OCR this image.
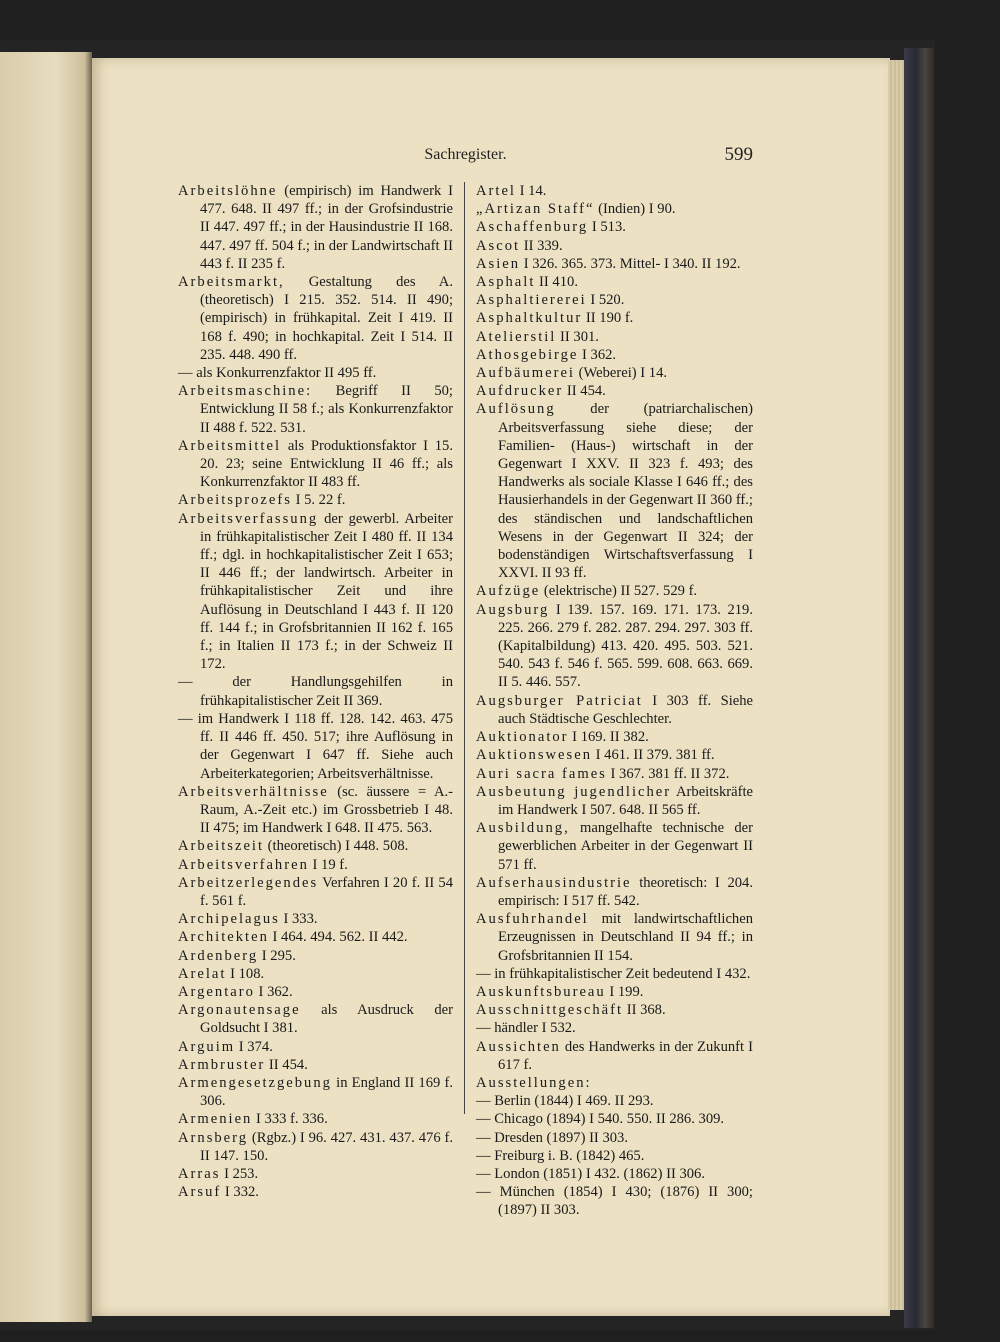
Sachregister.	599

Arbeitslöhne (empirisch) im Handwerk I 477. 648. II 497 ff.; in der Grofsindustrie II 447. 497 ff.; in der Hausindustrie II 168. 447. 497 ff. 504 f.; in der Landwirtschaft II 443 f. II 235 f.

Arbeitsmarkt, Gestaltung des A. (theoretisch) I 215. 352. 514. II 490; (empirisch) in frühkapital. Zeit I 419. II 168 f. 490; in hochkapital. Zeit I 514. II 235. 448. 490 ff.

— als Konkurrenzfaktor II 495 ff.

Arbeitsmaschine: Begriff II 50; Entwicklung II 58 f.; als Konkurrenzfaktor II 488 f. 522. 531.

Arbeitsmittel als Produktionsfaktor I 15. 20. 23; seine Entwicklung II 46 ff.; als Konkurrenzfaktor II 483 ff.

Arbeitsprozefs I 5. 22 f.

Arbeitsverfassung der gewerbl. Arbeiter in frühkapitalistischer Zeit I 480 ff. II 134 ff.; dgl. in hochkapitalistischer Zeit I 653; II 446 ff.; der landwirtsch. Arbeiter in frühkapitalistischer Zeit und ihre Auflösung in Deutschland I 443 f. II 120 ff. 144 f.; in Grofsbritannien II 162 f. 165 f.; in Italien II 173 f.; in der Schweiz II 172.

— der Handlungsgehilfen in frühkapitalistischer Zeit II 369.

— im Handwerk I 118 ff. 128. 142. 463. 475 ff. II 446 ff. 450. 517; ihre Auflösung in der Gegenwart I 647 ff. Siehe auch Arbeiterkategorien; Arbeitsverhältnisse.

Arbeitsverhältnisse (sc. äussere = A.-Raum, A.-Zeit etc.) im Grossbetrieb I 48. II 475; im Handwerk I 648. II 475. 563.

Arbeitszeit (theoretisch) I 448. 508.

Arbeitsverfahren I 19 f.

Arbeitzerlegendes Verfahren I 20 f. II 54 f. 561 f.

Archipelagus I 333.

Architekten I 464. 494. 562. II 442.

Ardenberg I 295.

Arelat I 108.

Argentaro I 362.

Argonautensage als Ausdruck der Goldsucht I 381.

Arguim I 374.

Armbruster II 454.

Armengesetzgebung in England II 169 f. 306.

Armenien I 333 f. 336.

Arnsberg (Rgbz.) I 96. 427. 431. 437. 476 f. II 147. 150.

Arras I 253.

Arsuf I 332.

Artel I 14.

„Artizan Staff“ (Indien) I 90.

Aschaffenburg I 513.

Ascot II 339.

Asien I 326. 365. 373. Mittel- I 340. II 192.

Asphalt II 410.

Asphaltiererei I 520.

Asphaltkultur II 190 f.

Atelierstil II 301.

Athosgebirge I 362.

Aufbäumerei (Weberei) I 14.

Aufdrucker II 454.

Auflösung der (patriarchalischen) Arbeitsverfassung siehe diese; der Familien- (Haus-) wirtschaft in der Gegenwart I XXV. II 323 f. 493; des Handwerks als sociale Klasse I 646 ff.; des Hausierhandels in der Gegenwart II 360 ff.; des ständischen und landschaftlichen Wesens in der Gegenwart II 324; der bodenständigen Wirtschaftsverfassung I XXVI. II 93 ff.

Aufzüge (elektrische) II 527. 529 f.

Augsburg I 139. 157. 169. 171. 173. 219. 225. 266. 279 f. 282. 287. 294. 297. 303 ff. (Kapitalbildung) 413. 420. 495. 503. 521. 540. 543 f. 546 f. 565. 599. 608. 663. 669. II 5. 446. 557.

Augsburger Patriciat I 303 ff. Siehe auch Städtische Geschlechter.

Auktionator I 169. II 382.

Auktionswesen I 461. II 379. 381 ff.

Auri sacra fames I 367. 381 ff. II 372.

Ausbeutung jugendlicher Arbeitskräfte im Handwerk I 507. 648. II 565 ff.

Ausbildung, mangelhafte technische der gewerblichen Arbeiter in der Gegenwart II 571 ff.

Aufserhausindustrie theoretisch: I 204. empirisch: I 517 ff. 542.

Ausfuhrhandel mit landwirtschaftlichen Erzeugnissen in Deutschland II 94 ff.; in Grofsbritannien II 154.

— in frühkapitalistischer Zeit bedeutend I 432.

Auskunftsbureau I 199.

Ausschnittgeschäft II 368.

— händler I 532.

Aussichten des Handwerks in der Zukunft I 617 f.

Ausstellungen:

— Berlin (1844) I 469. II 293.

— Chicago (1894) I 540. 550. II 286. 309.

— Dresden (1897) II 303.

— Freiburg i. B. (1842) 465.

— London (1851) I 432. (1862) II 306.

— München (1854) I 430; (1876) II 300; (1897) II 303.
